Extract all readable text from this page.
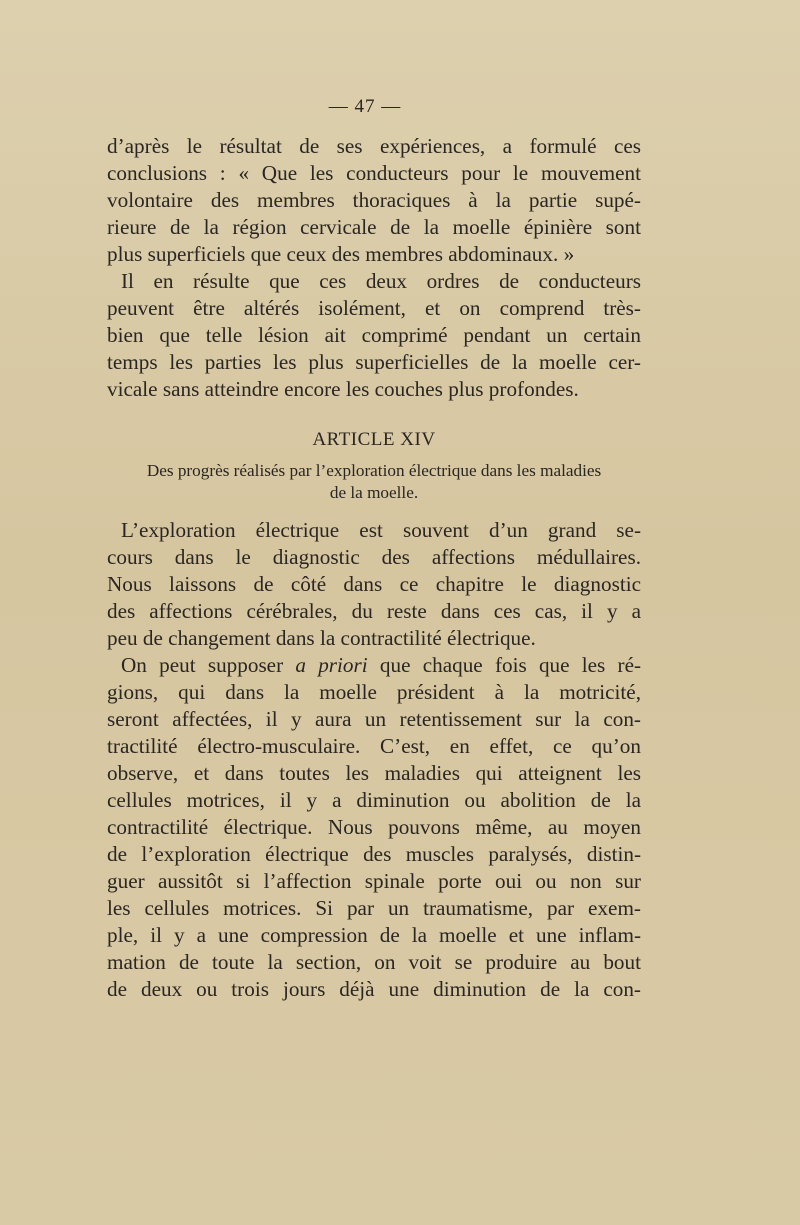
— 47 —
d’après le résultat de ses expériences, a formulé ces
conclusions : « Que les conducteurs pour le mouvement
volontaire des membres thoraciques à la partie supé-
rieure de la région cervicale de la moelle épinière sont
plus superficiels que ceux des membres abdominaux. »
Il en résulte que ces deux ordres de conducteurs
peuvent être altérés isolément, et on comprend très-
bien que telle lésion ait comprimé pendant un certain
temps les parties les plus superficielles de la moelle cer-
vicale sans atteindre encore les couches plus profondes.
ARTICLE XIV
Des progrès réalisés par l’exploration électrique dans les maladies
de la moelle.
L’exploration électrique est souvent d’un grand se-
cours dans le diagnostic des affections médullaires.
Nous laissons de côté dans ce chapitre le diagnostic
des affections cérébrales, du reste dans ces cas, il y a
peu de changement dans la contractilité électrique.
On peut supposer a priori que chaque fois que les ré-
gions, qui dans la moelle président à la motricité,
seront affectées, il y aura un retentissement sur la con-
tractilité électro-musculaire. C’est, en effet, ce qu’on
observe, et dans toutes les maladies qui atteignent les
cellules motrices, il y a diminution ou abolition de la
contractilité électrique. Nous pouvons même, au moyen
de l’exploration électrique des muscles paralysés, distin-
guer aussitôt si l’affection spinale porte oui ou non sur
les cellules motrices. Si par un traumatisme, par exem-
ple, il y a une compression de la moelle et une inflam-
mation de toute la section, on voit se produire au bout
de deux ou trois jours déjà une diminution de la con-
